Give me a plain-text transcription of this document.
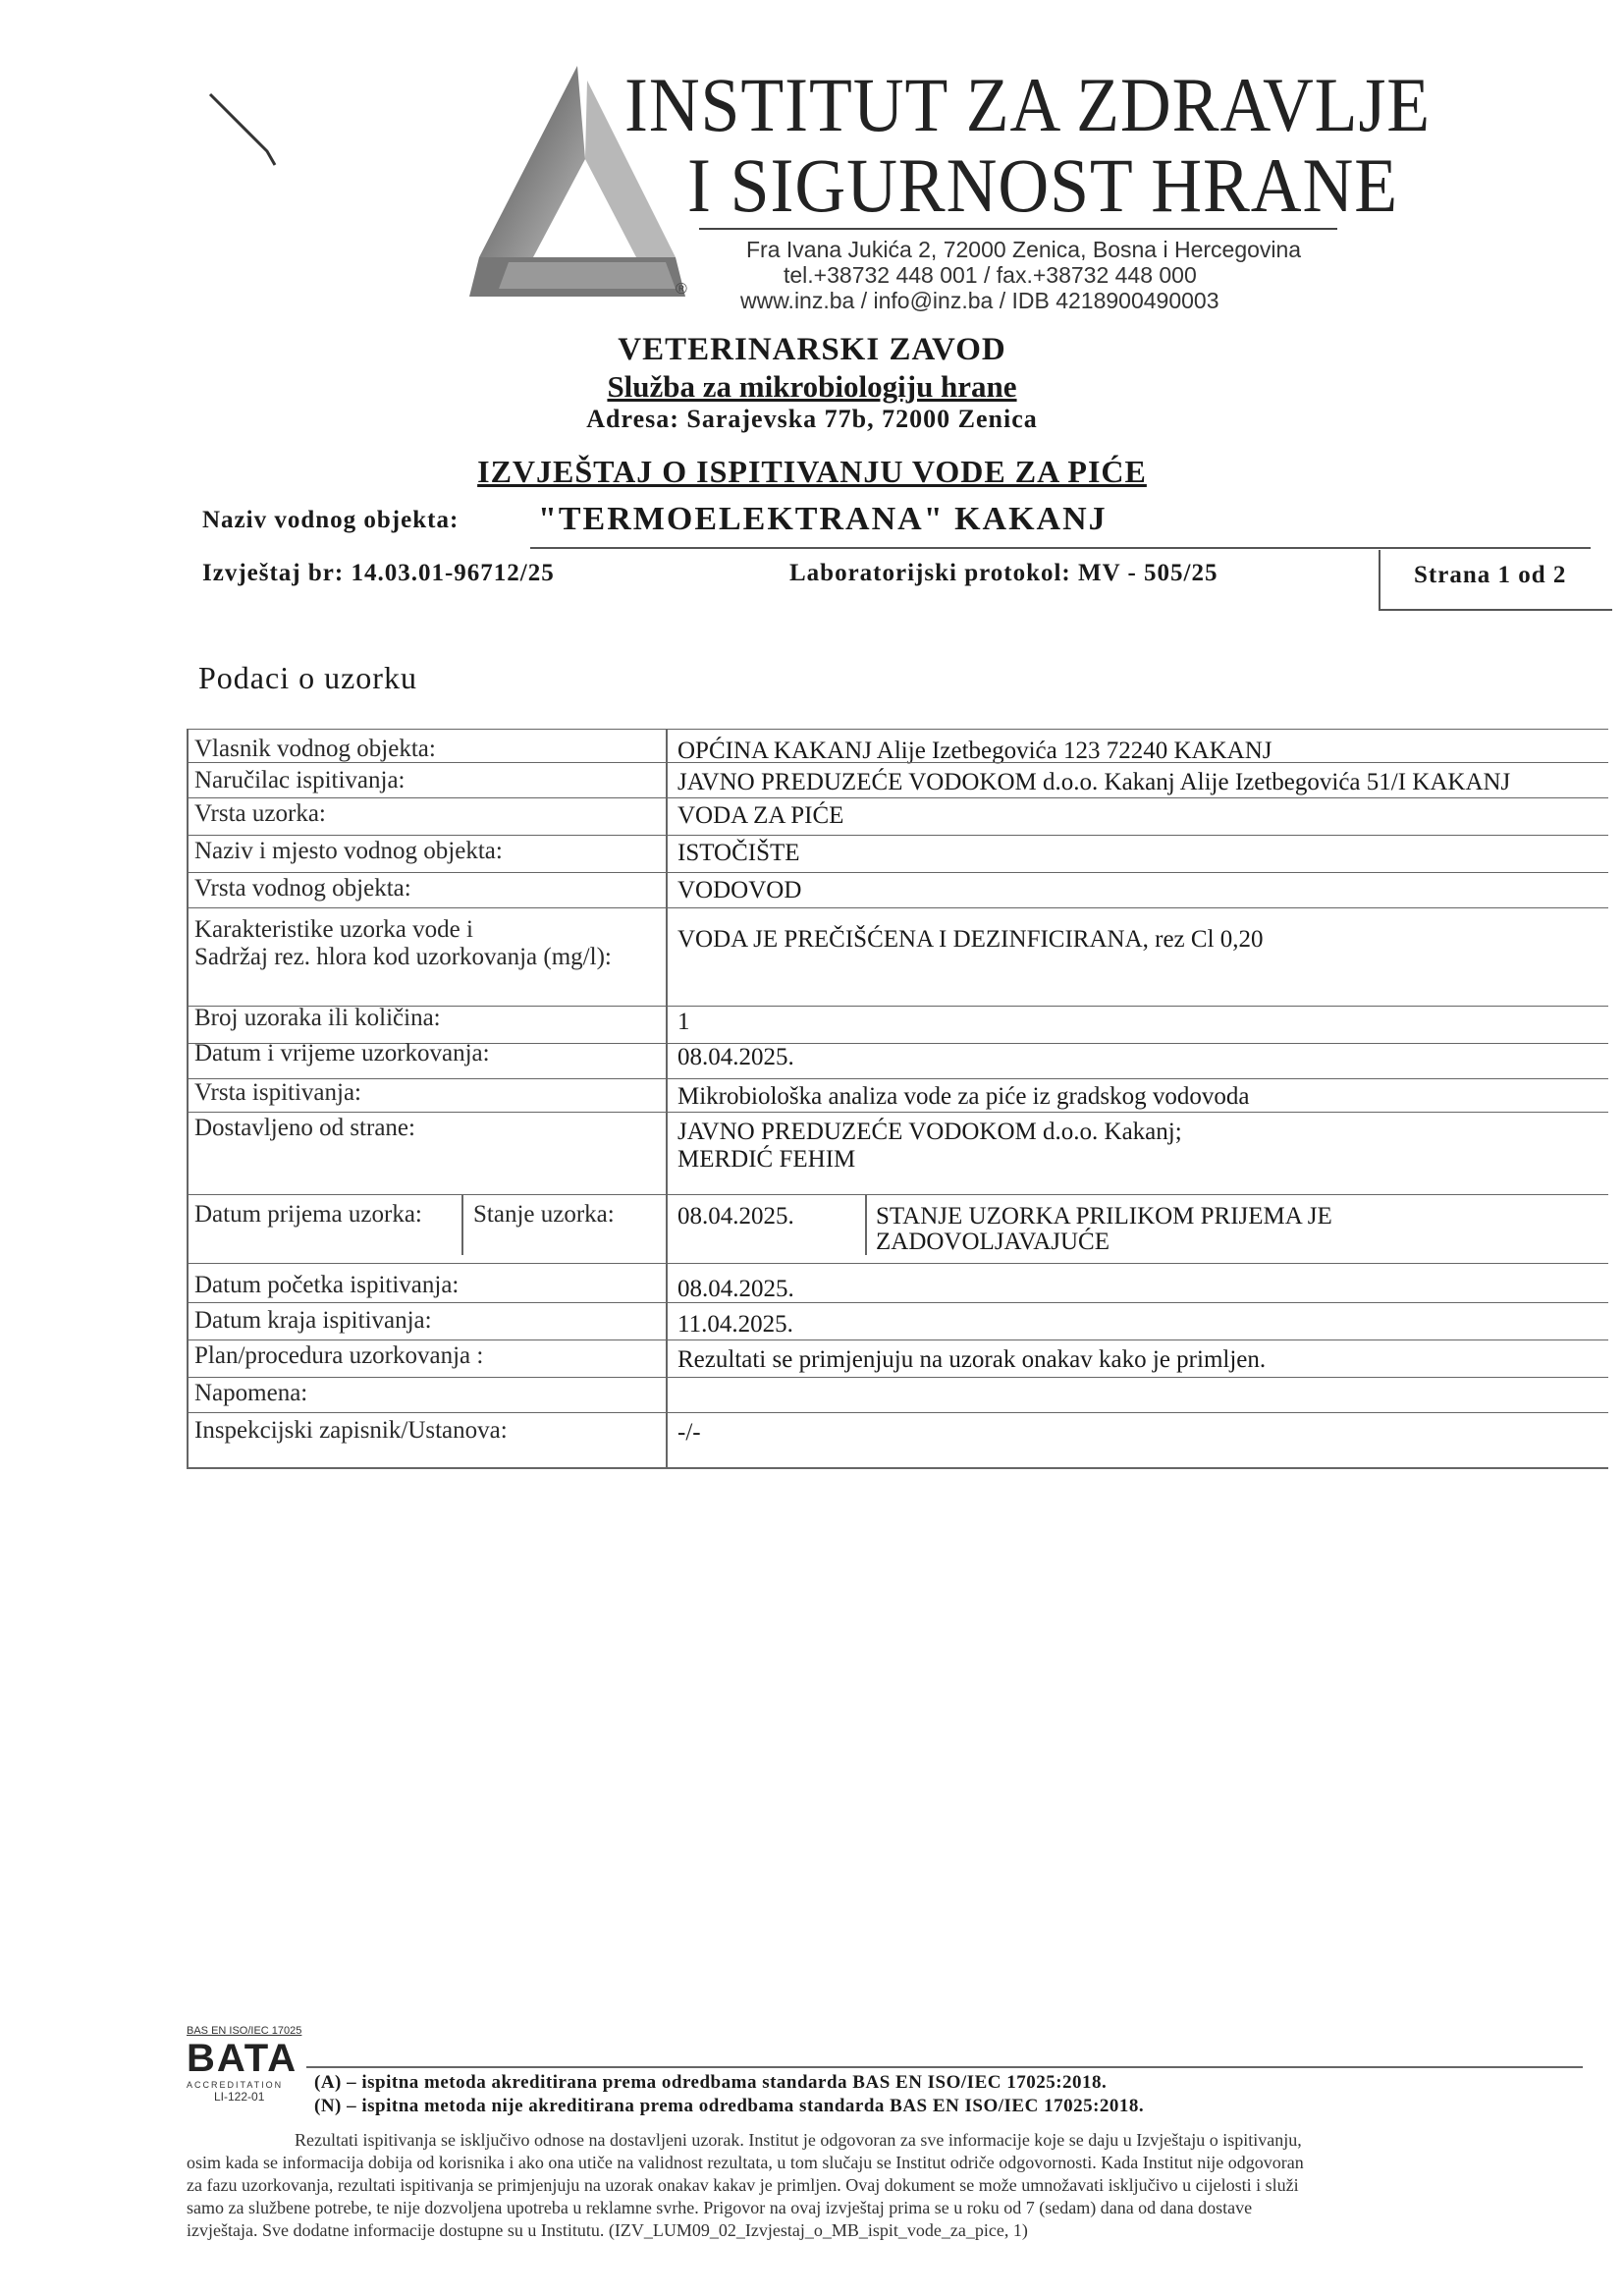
INSTITUT ZA ZDRAVLJE
I SIGURNOST HRANE
Fra Ivana Jukića 2, 72000 Zenica, Bosna i Hercegovina
tel.+38732 448 001 / fax.+38732 448 000
www.inz.ba / info@inz.ba / IDB 4218900490003
®
VETERINARSKI ZAVOD
Služba za mikrobiologiju hrane
Adresa: Sarajevska 77b, 72000 Zenica
IZVJEŠTAJ O ISPITIVANJU VODE ZA PIĆE
Naziv vodnog objekta: "TERMOELEKTRANA" KAKANJ
Izvještaj br: 14.03.01-96712/25	Laboratorijski protokol: MV - 505/25	Strana 1 od 2
Podaci o uzorku
Vlasnik vodnog objekta:	OPĆINA KAKANJ Alije Izetbegovića 123 72240 KAKANJ
Naručilac ispitivanja:	JAVNO PREDUZEĆE VODOKOM d.o.o. Kakanj Alije Izetbegovića 51/I KAKANJ
Vrsta uzorka:	VODA ZA PIĆE
Naziv i mjesto vodnog objekta:	ISTOČIŠTE
Vrsta vodnog objekta:	VODOVOD
Karakteristike uzorka vode i
Sadržaj rez. hlora kod uzorkovanja (mg/l):
VODA JE PREČIŠĆENA I DEZINFICIRANA, rez Cl 0,20
Broj uzoraka ili količina:	1
Datum i vrijeme uzorkovanja:	08.04.2025.
Vrsta ispitivanja:	Mikrobiološka analiza vode za piće iz gradskog vodovoda
Dostavljeno od strane:	JAVNO PREDUZEĆE VODOKOM d.o.o. Kakanj;
MERDIĆ FEHIM
Datum prijema uzorka: Stanje uzorka:	08.04.2025.	STANJE UZORKA PRILIKOM PRIJEMA JE
ZADOVOLJAVAJUĆE
Datum početka ispitivanja:	08.04.2025.
Datum kraja ispitivanja:	11.04.2025.
Plan/procedura uzorkovanja :	Rezultati se primjenjuju na uzorak onakav kako je primljen.
Napomena:
Inspekcijski zapisnik/Ustanova:	-/-
BAS EN ISO/IEC 17025
BATA
ACCREDITATION
LI-122-01
(A) – ispitna metoda akreditirana prema odredbama standarda BAS EN ISO/IEC 17025:2018.
(N) – ispitna metoda nije akreditirana prema odredbama standarda BAS EN ISO/IEC 17025:2018.
Rezultati ispitivanja se isključivo odnose na dostavljeni uzorak. Institut je odgovoran za sve informacije koje se daju u Izvještaju o ispitivanju,
osim kada se informacija dobija od korisnika i ako ona utiče na validnost rezultata, u tom slučaju se Institut odriče odgovornosti. Kada Institut nije odgovoran
za fazu uzorkovanja, rezultati ispitivanja se primjenjuju na uzorak onakav kakav je primljen. Ovaj dokument se može umnožavati isključivo u cijelosti i služi
samo za službene potrebe, te nije dozvoljena upotreba u reklamne svrhe. Prigovor na ovaj izvještaj prima se u roku od 7 (sedam) dana od dana dostave
izvještaja. Sve dodatne informacije dostupne su u Institutu. (IZV_LUM09_02_Izvjestaj_o_MB_ispit_vode_za_pice, 1)
